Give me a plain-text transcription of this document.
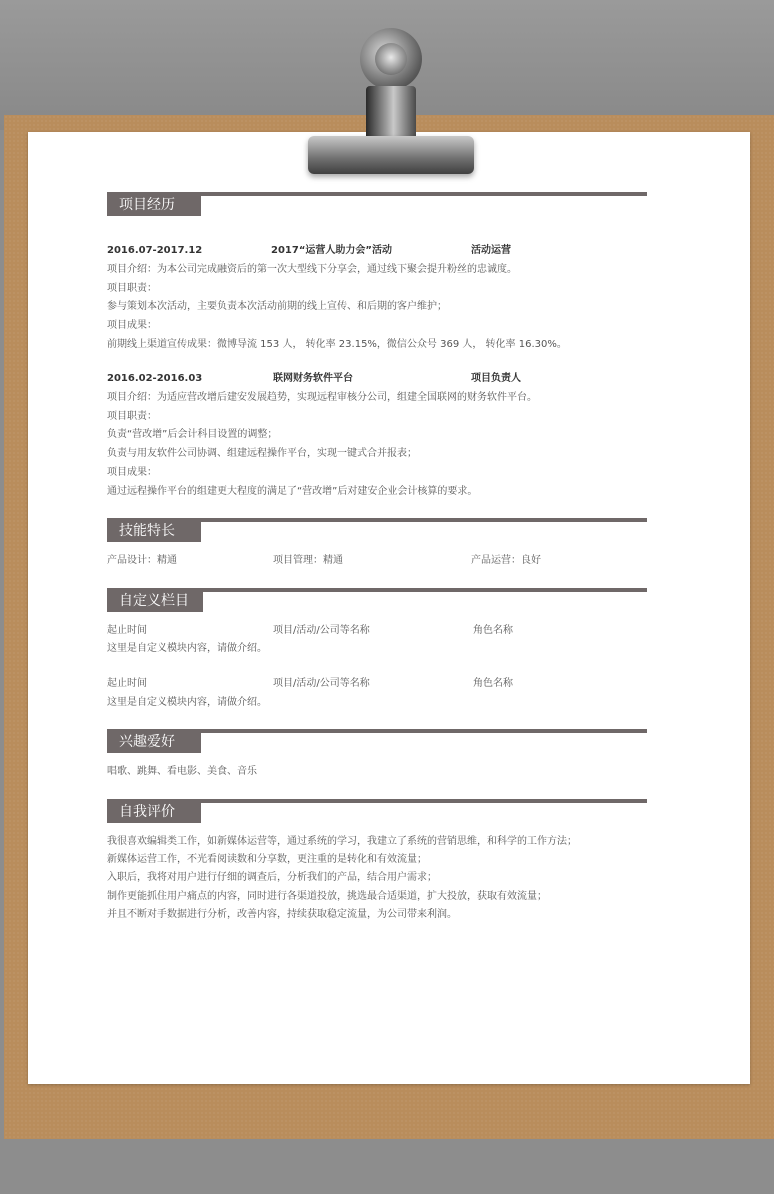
项目经历
2016.07-2017.12	2017“运营人助力会”活动	活动运营
项目介绍：为本公司完成融资后的第一次大型线下分享会，通过线下聚会提升粉丝的忠诚度。
项目职责：
参与策划本次活动，主要负责本次活动前期的线上宣传、和后期的客户维护；
项目成果：
前期线上渠道宣传成果：微博导流 153 人， 转化率 23.15%，微信公众号 369 人， 转化率 16.30%。
2016.02-2016.03	联网财务软件平台	项目负责人
项目介绍：为适应营改增后建安发展趋势，实现远程审核分公司，组建全国联网的财务软件平台。
项目职责：
负责“营改增”后会计科目设置的调整；
负责与用友软件公司协调、组建远程操作平台，实现一键式合并报表；
项目成果：
通过远程操作平台的组建更大程度的满足了“营改增”后对建安企业会计核算的要求。
技能特长
产品设计：精通	项目管理：精通	产品运营：良好
自定义栏目
起止时间	项目/活动/公司等名称	角色名称
这里是自定义模块内容，请做介绍。
起止时间	项目/活动/公司等名称	角色名称
这里是自定义模块内容，请做介绍。
兴趣爱好
唱歌、跳舞、看电影、美食、音乐
自我评价
我很喜欢编辑类工作，如新媒体运营等，通过系统的学习，我建立了系统的营销思维，和科学的工作方法；
新媒体运营工作，不光看阅读数和分享数，更注重的是转化和有效流量；
入职后，我将对用户进行仔细的调查后，分析我们的产品，结合用户需求；
制作更能抓住用户痛点的内容，同时进行各渠道投放，挑选最合适渠道，扩大投放，获取有效流量；
并且不断对手数据进行分析，改善内容，持续获取稳定流量，为公司带来利润。
